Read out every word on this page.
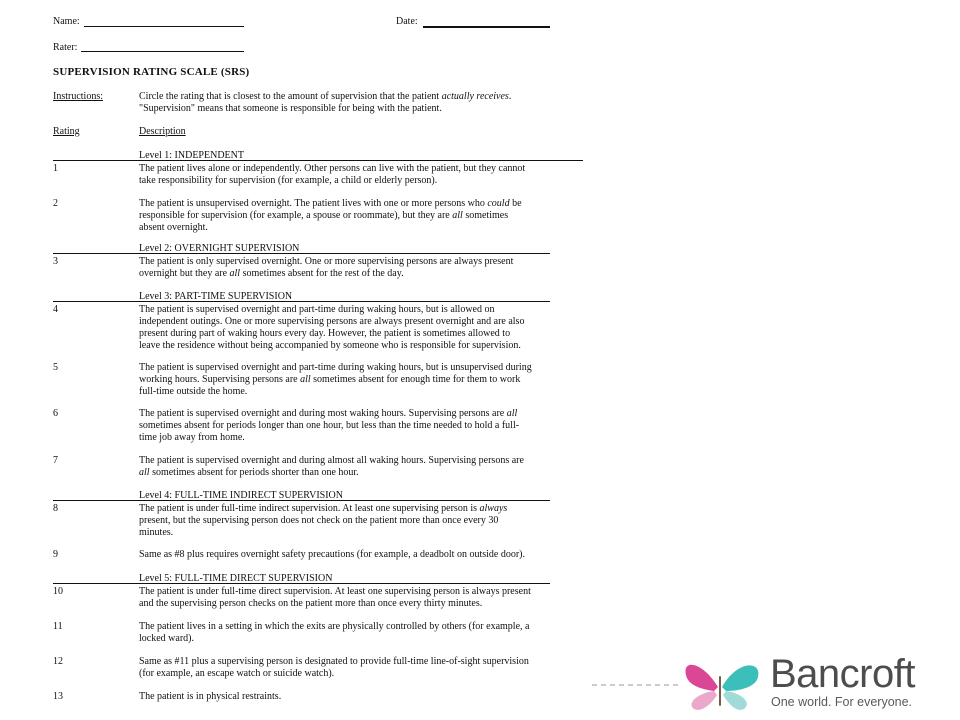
Name:	Date:
Rater:
SUPERVISION RATING SCALE (SRS)
Instructions:	Circle the rating that is closest to the amount of supervision that the patient actually receives.
"Supervision" means that someone is responsible for being with the patient.
Rating	Description
Level 1: INDEPENDENT
1	The patient lives alone or independently. Other persons can live with the patient, but they cannot
take responsibility for supervision (for example, a child or elderly person).
2	The patient is unsupervised overnight. The patient lives with one or more persons who could be
responsible for supervision (for example, a spouse or roommate), but they are all sometimes
absent overnight.
Level 2: OVERNIGHT SUPERVISION
3	The patient is only supervised overnight. One or more supervising persons are always present
overnight but they are all sometimes absent for the rest of the day.
Level 3: PART-TIME SUPERVISION
4	The patient is supervised overnight and part-time during waking hours, but is allowed on
independent outings. One or more supervising persons are always present overnight and are also
present during part of waking hours every day. However, the patient is sometimes allowed to
leave the residence without being accompanied by someone who is responsible for supervision.
5	The patient is supervised overnight and part-time during waking hours, but is unsupervised during
working hours. Supervising persons are all sometimes absent for enough time for them to work
full-time outside the home.
6	The patient is supervised overnight and during most waking hours. Supervising persons are all
sometimes absent for periods longer than one hour, but less than the time needed to hold a full-
time job away from home.
7	The patient is supervised overnight and during almost all waking hours. Supervising persons are
all sometimes absent for periods shorter than one hour.
Level 4: FULL-TIME INDIRECT SUPERVISION
8	The patient is under full-time indirect supervision. At least one supervising person is always
present, but the supervising person does not check on the patient more than once every 30
minutes.
9	Same as #8 plus requires overnight safety precautions (for example, a deadbolt on outside door).
Level 5: FULL-TIME DIRECT SUPERVISION
10	The patient is under full-time direct supervision. At least one supervising person is always present
and the supervising person checks on the patient more than once every thirty minutes.
11	The patient lives in a setting in which the exits are physically controlled by others (for example, a
locked ward).
12	Same as #11 plus a supervising person is designated to provide full-time line-of-sight supervision
(for example, an escape watch or suicide watch).
13	The patient is in physical restraints.
Bancroft
One world. For everyone.
